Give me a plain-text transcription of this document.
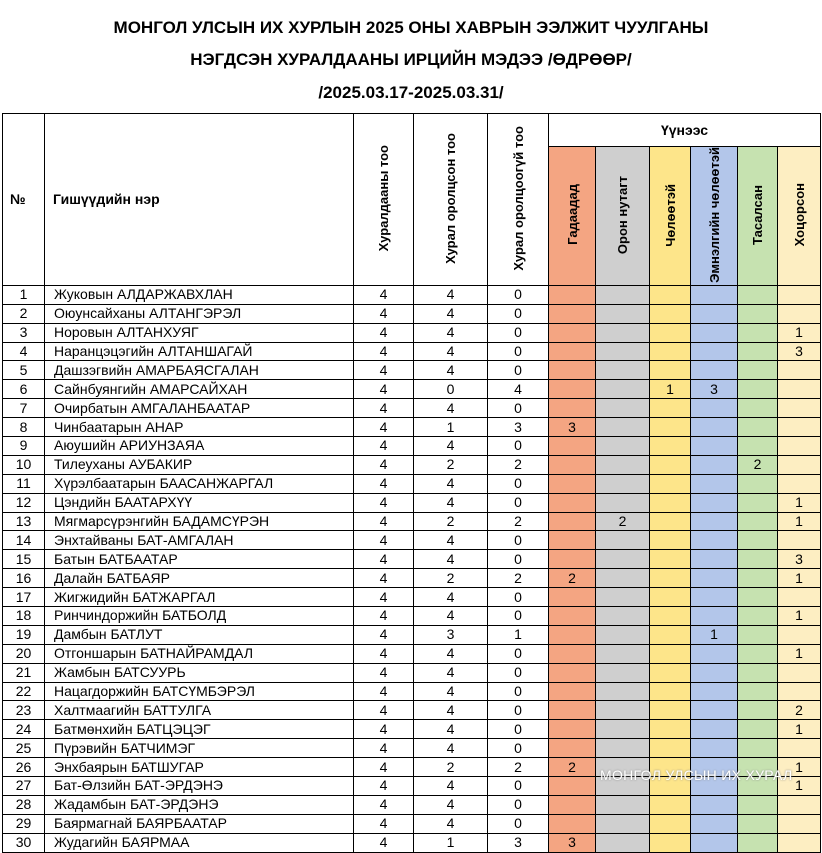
МОНГОЛ УЛСЫН ИХ ХУРЛЫН 2025 ОНЫ ХАВРЫН ЭЭЛЖИТ ЧУУЛГАНЫ
НЭГДСЭН ХУРАЛДААНЫ ИРЦИЙН МЭДЭЭ /ӨДРӨӨР/
/2025.03.17-2025.03.31/
№	Гишүүдийн нэр	Хуралдааны тоо	Хурал оролцсон тоо	Хурал оролцоогүй тоо	Үүнээс					

					Гадаадад	Орон нутагт	Чөлөөтэй	Эмнэлгийн чөлөөтэй	Тасалсан	Хоцорсон

1	Жуковын АЛДАРЖАВХЛАН	4	4	0						
2	Оюунсайханы АЛТАНГЭРЭЛ	4	4	0						
3	Норовын АЛТАНХУЯГ	4	4	0						1
4	Наранцэцэгийн АЛТАНШАГАЙ	4	4	0						3
5	Дашзэгвийн АМАРБАЯСГАЛАН	4	4	0						
6	Сайнбуянгийн АМАРСАЙХАН	4	0	4			1	3		
7	Очирбатын АМГАЛАНБААТАР	4	4	0						
8	Чинбаатарын АНАР	4	1	3	3					
9	Аюушийн АРИУНЗАЯА	4	4	0						
10	Тилеуханы АУБАКИР	4	2	2					2	
11	Хүрэлбаатарын БААСАНЖАРГАЛ	4	4	0						
12	Цэндийн БААТАРХҮҮ	4	4	0						1
13	Мягмарсүрэнгийн БАДАМСҮРЭН	4	2	2		2				1
14	Энхтайваны БАТ-АМГАЛАН	4	4	0						
15	Батын БАТБААТАР	4	4	0						3
16	Далайн БАТБАЯР	4	2	2	2					1
17	Жигжидийн БАТЖАРГАЛ	4	4	0						
18	Ринчиндоржийн БАТБОЛД	4	4	0						1
19	Дамбын БАТЛУТ	4	3	1				1		
20	Отгоншарын БАТНАЙРАМДАЛ	4	4	0						1
21	Жамбын БАТСУУРЬ	4	4	0						
22	Нацагдоржийн БАТСҮМБЭРЭЛ	4	4	0						
23	Халтмаагийн БАТТУЛГА	4	4	0						2
24	Батмөнхийн БАТЦЭЦЭГ	4	4	0						1
25	Пүрэвийн БАТЧИМЭГ	4	4	0						
26	Энхбаярын БАТШУГАР	4	2	2	2					1
27	Бат-Өлзийн БАТ-ЭРДЭНЭ	4	4	0						1
28	Жадамбын БАТ-ЭРДЭНЭ	4	4	0						
29	Баярмагнай БАЯРБААТАР	4	4	0						
30	Жудагийн БАЯРМАА	4	1	3	3					
МОНГОЛ УЛСЫН ИХ ХУРАЛ
